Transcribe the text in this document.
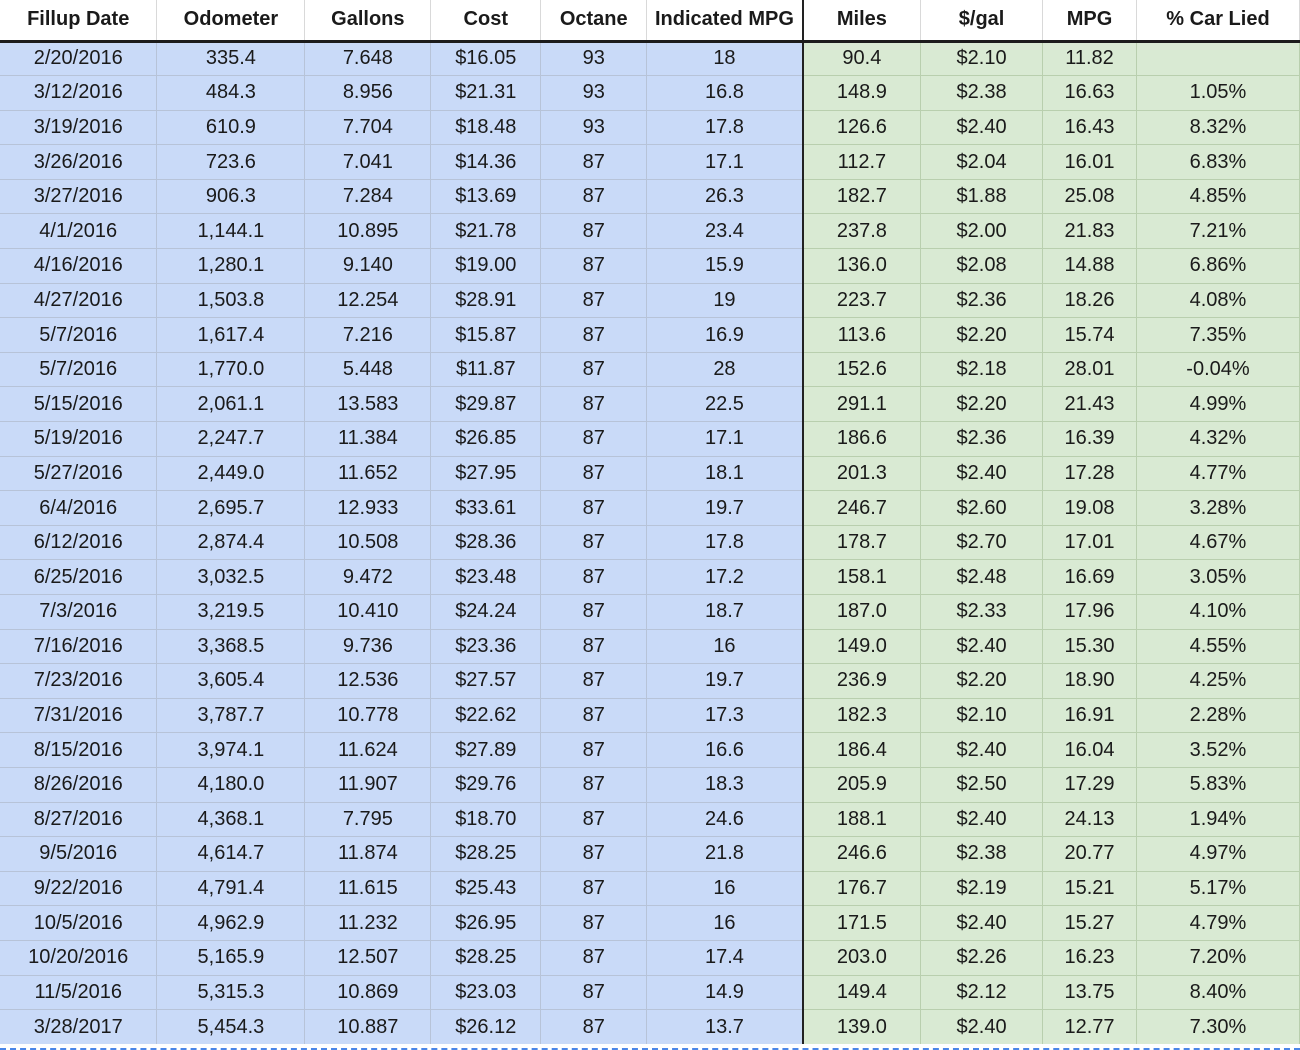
Fillup Date	Odometer	Gallons	Cost	Octane	Indicated MPG	Miles	$/gal	MPG	% Car Lied
2/20/2016	335.4	7.648	$16.05	93	18	90.4	$2.10	11.82	
3/12/2016	484.3	8.956	$21.31	93	16.8	148.9	$2.38	16.63	1.05%
3/19/2016	610.9	7.704	$18.48	93	17.8	126.6	$2.40	16.43	8.32%
3/26/2016	723.6	7.041	$14.36	87	17.1	112.7	$2.04	16.01	6.83%
3/27/2016	906.3	7.284	$13.69	87	26.3	182.7	$1.88	25.08	4.85%
4/1/2016	1,144.1	10.895	$21.78	87	23.4	237.8	$2.00	21.83	7.21%
4/16/2016	1,280.1	9.140	$19.00	87	15.9	136.0	$2.08	14.88	6.86%
4/27/2016	1,503.8	12.254	$28.91	87	19	223.7	$2.36	18.26	4.08%
5/7/2016	1,617.4	7.216	$15.87	87	16.9	113.6	$2.20	15.74	7.35%
5/7/2016	1,770.0	5.448	$11.87	87	28	152.6	$2.18	28.01	-0.04%
5/15/2016	2,061.1	13.583	$29.87	87	22.5	291.1	$2.20	21.43	4.99%
5/19/2016	2,247.7	11.384	$26.85	87	17.1	186.6	$2.36	16.39	4.32%
5/27/2016	2,449.0	11.652	$27.95	87	18.1	201.3	$2.40	17.28	4.77%
6/4/2016	2,695.7	12.933	$33.61	87	19.7	246.7	$2.60	19.08	3.28%
6/12/2016	2,874.4	10.508	$28.36	87	17.8	178.7	$2.70	17.01	4.67%
6/25/2016	3,032.5	9.472	$23.48	87	17.2	158.1	$2.48	16.69	3.05%
7/3/2016	3,219.5	10.410	$24.24	87	18.7	187.0	$2.33	17.96	4.10%
7/16/2016	3,368.5	9.736	$23.36	87	16	149.0	$2.40	15.30	4.55%
7/23/2016	3,605.4	12.536	$27.57	87	19.7	236.9	$2.20	18.90	4.25%
7/31/2016	3,787.7	10.778	$22.62	87	17.3	182.3	$2.10	16.91	2.28%
8/15/2016	3,974.1	11.624	$27.89	87	16.6	186.4	$2.40	16.04	3.52%
8/26/2016	4,180.0	11.907	$29.76	87	18.3	205.9	$2.50	17.29	5.83%
8/27/2016	4,368.1	7.795	$18.70	87	24.6	188.1	$2.40	24.13	1.94%
9/5/2016	4,614.7	11.874	$28.25	87	21.8	246.6	$2.38	20.77	4.97%
9/22/2016	4,791.4	11.615	$25.43	87	16	176.7	$2.19	15.21	5.17%
10/5/2016	4,962.9	11.232	$26.95	87	16	171.5	$2.40	15.27	4.79%
10/20/2016	5,165.9	12.507	$28.25	87	17.4	203.0	$2.26	16.23	7.20%
11/5/2016	5,315.3	10.869	$23.03	87	14.9	149.4	$2.12	13.75	8.40%
3/28/2017	5,454.3	10.887	$26.12	87	13.7	139.0	$2.40	12.77	7.30%
